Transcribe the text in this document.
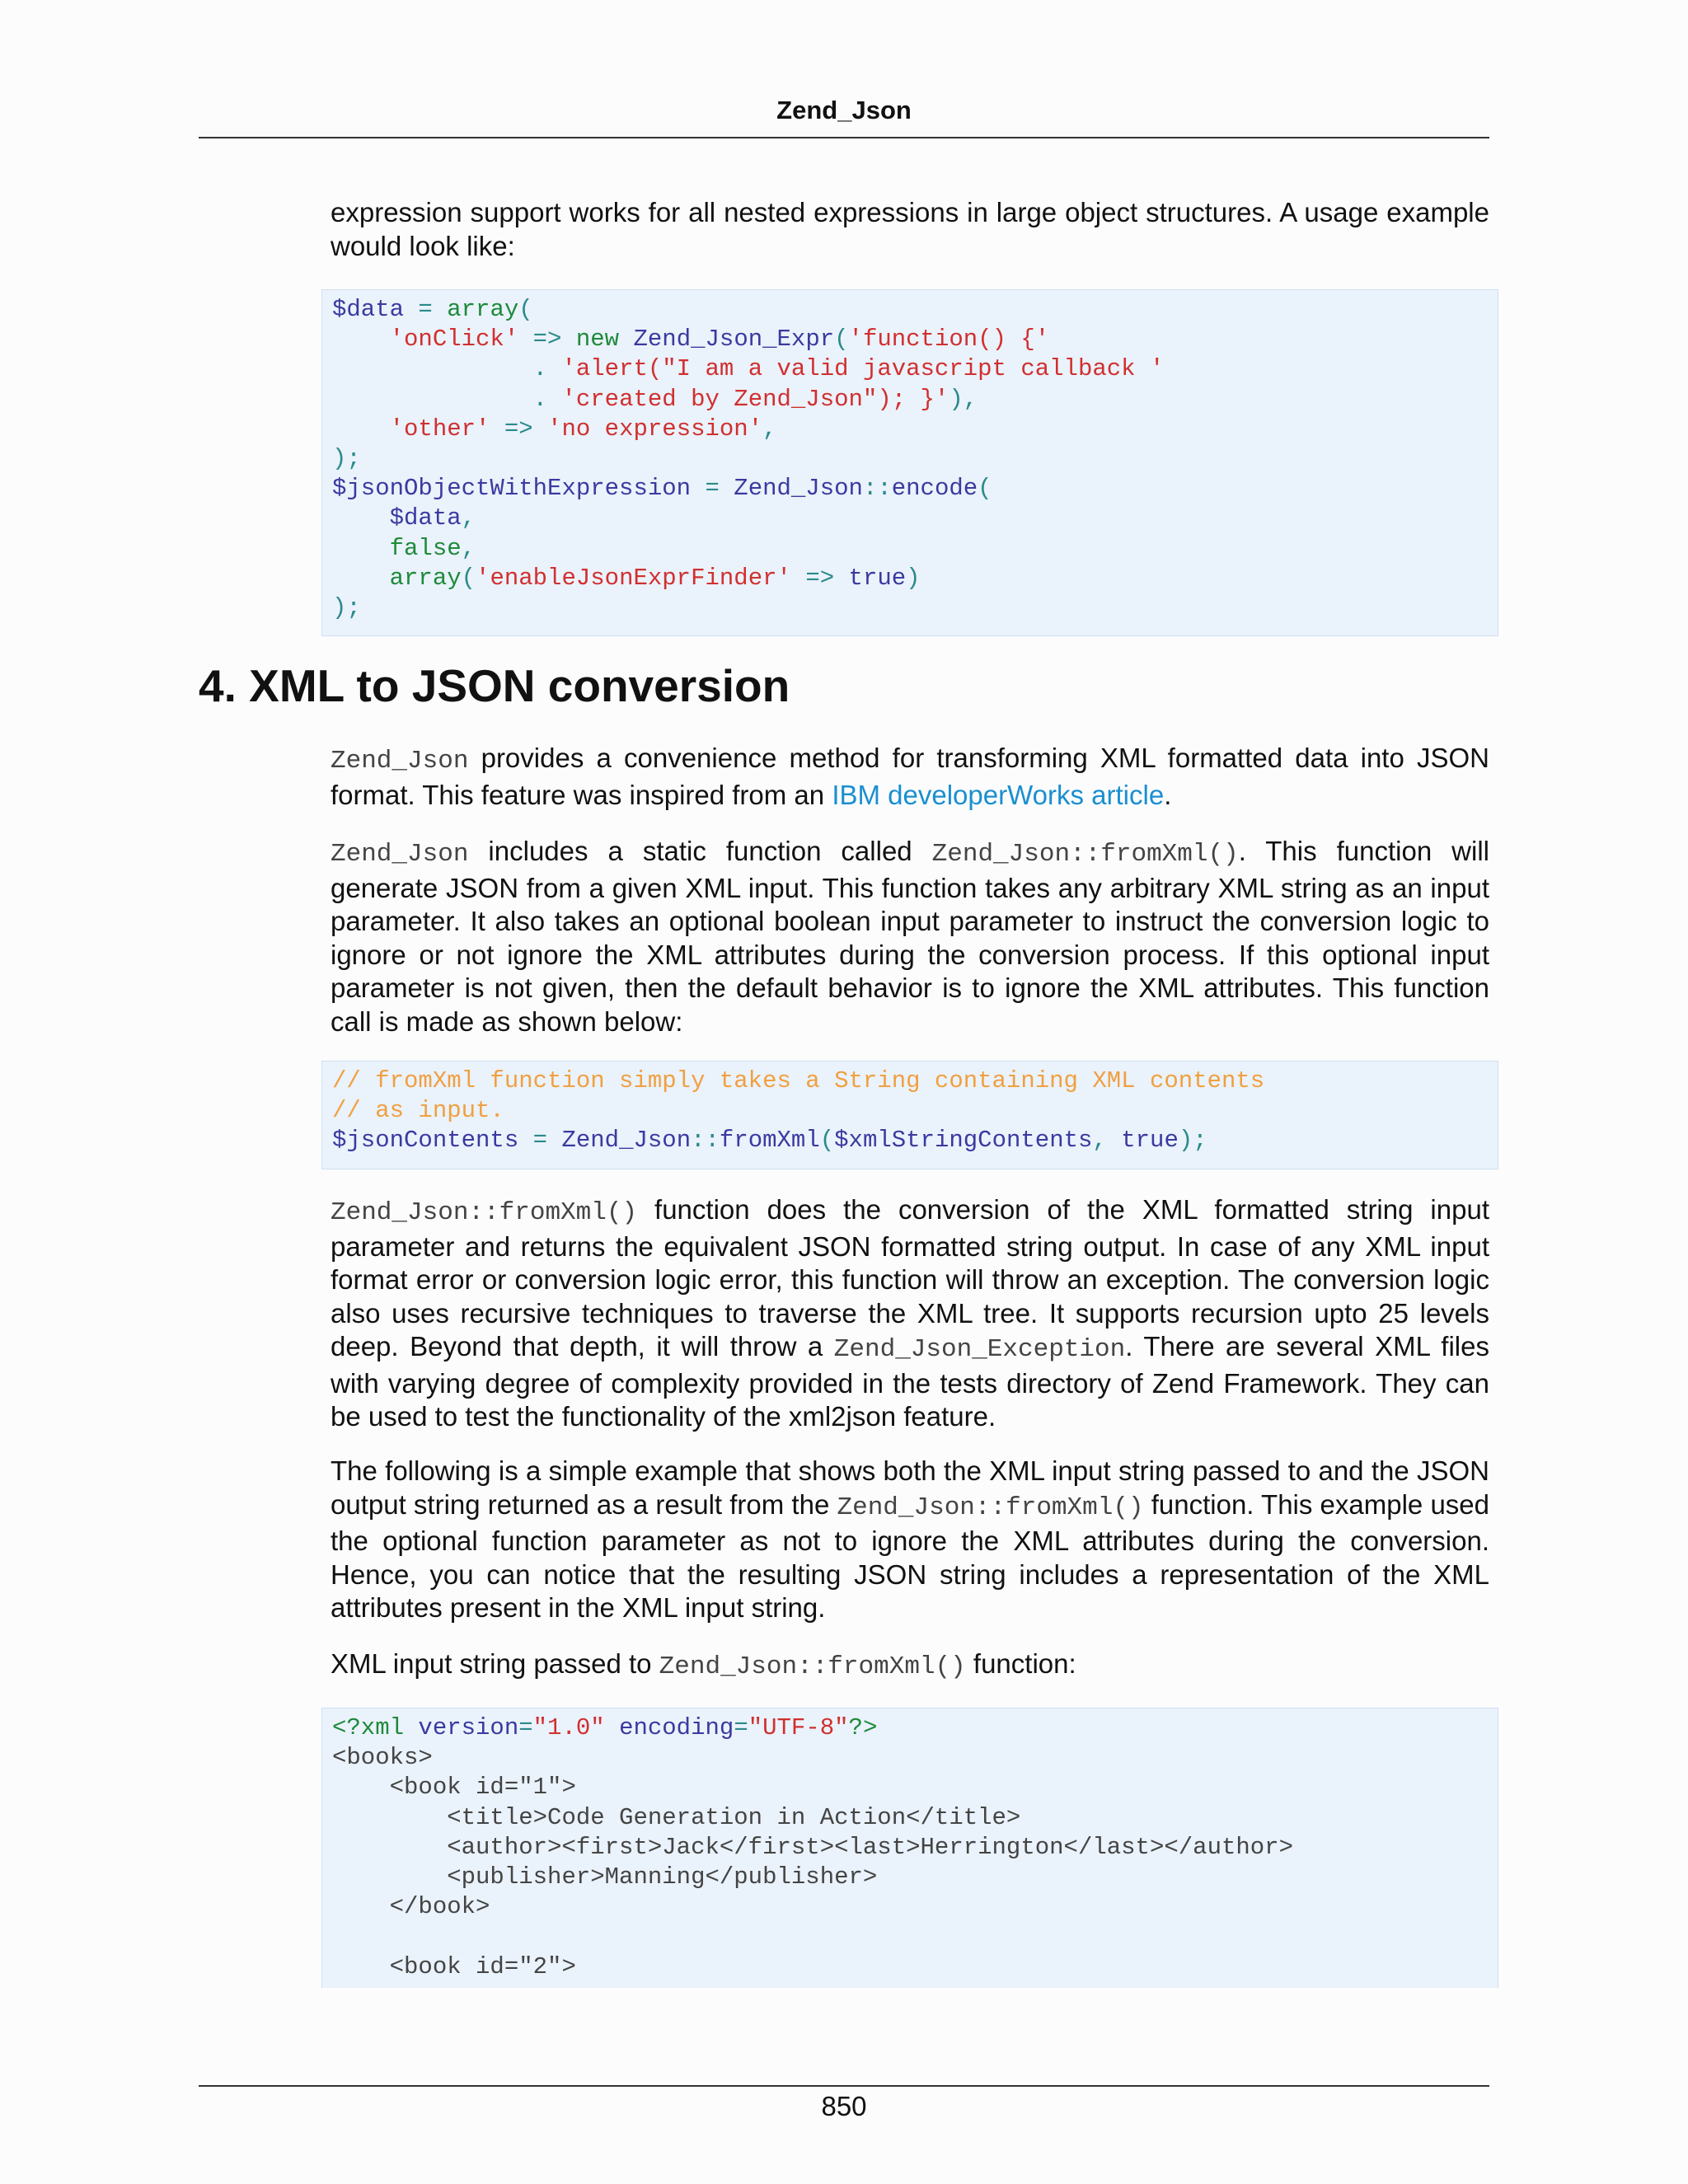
Zend_Json

expression support works for all nested expressions in large object structures. A usage example would look like:

$data = array(
'onClick' => new Zend_Json_Expr('function() {'
. 'alert("I am a valid javascript callback '
. 'created by Zend_Json"); }'),
'other' => 'no expression',
);
$jsonObjectWithExpression = Zend_Json::encode(
$data,
false,
array('enableJsonExprFinder' => true)
);
4. XML to JSON conversion

Zend_Json provides a convenience method for transforming XML formatted data into JSON format. This feature was inspired from an IBM developerWorks article.

Zend_Json includes a static function called Zend_Json::fromXml(). This function will generate JSON from a given XML input. This function takes any arbitrary XML string as an input parameter. It also takes an optional boolean input parameter to instruct the conversion logic to ignore or not ignore the XML attributes during the conversion process. If this optional input parameter is not given, then the default behavior is to ignore the XML attributes. This function call is made as shown below:

// fromXml function simply takes a String containing XML contents
// as input.
$jsonContents = Zend_Json::fromXml($xmlStringContents, true);

Zend_Json::fromXml() function does the conversion of the XML formatted string input parameter and returns the equivalent JSON formatted string output. In case of any XML input format error or conversion logic error, this function will throw an exception. The conversion logic also uses recursive techniques to traverse the XML tree. It supports recursion upto 25 levels deep. Beyond that depth, it will throw a Zend_Json_Exception. There are several XML files with varying degree of complexity provided in the tests directory of Zend Framework. They can be used to test the functionality of the xml2json feature.

The following is a simple example that shows both the XML input string passed to and the JSON output string returned as a result from the Zend_Json::fromXml() function. This example used the optional function parameter as not to ignore the XML attributes during the conversion. Hence, you can notice that the resulting JSON string includes a representation of the XML attributes present in the XML input string.

XML input string passed to Zend_Json::fromXml() function:

<?xml version="1.0" encoding="UTF-8"?>
<books>
<book id="1">
<title>Code Generation in Action</title>
<author><first>Jack</first><last>Herrington</last></author>
<publisher>Manning</publisher>
</book>

<book id="2">
850
